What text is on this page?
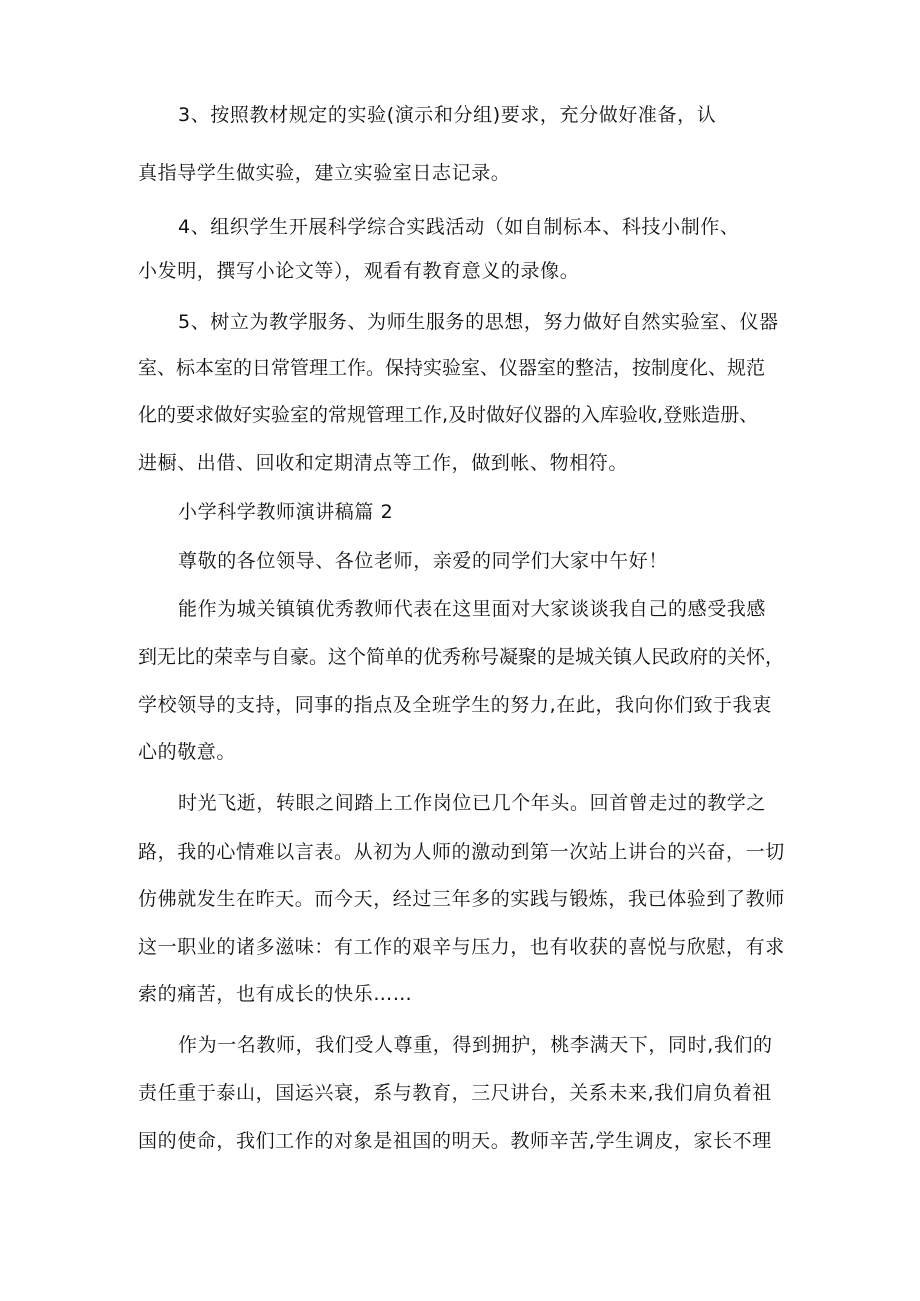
3、按照教材规定的实验(演示和分组)要求，充分做好准备，认
真指导学生做实验，建立实验室日志记录。
4、组织学生开展科学综合实践活动（如自制标本、科技小制作、
小发明，撰写小论文等），观看有教育意义的录像。
5、树立为教学服务、为师生服务的思想，努力做好自然实验室、仪器
室、标本室的日常管理工作。保持实验室、仪器室的整洁，按制度化、规范
化的要求做好实验室的常规管理工作,及时做好仪器的入库验收,登账造册、
进橱、出借、回收和定期清点等工作，做到帐、物相符。
小学科学教师演讲稿篇 2
尊敬的各位领导、各位老师，亲爱的同学们大家中午好！
能作为城关镇镇优秀教师代表在这里面对大家谈谈我自己的感受我感
到无比的荣幸与自豪。这个简单的优秀称号凝聚的是城关镇人民政府的关怀，
学校领导的支持，同事的指点及全班学生的努力,在此，我向你们致于我衷
心的敬意。
时光飞逝，转眼之间踏上工作岗位已几个年头。回首曾走过的教学之
路，我的心情难以言表。从初为人师的激动到第一次站上讲台的兴奋，一切
仿佛就发生在昨天。而今天，经过三年多的实践与锻炼，我已体验到了教师
这一职业的诸多滋味：有工作的艰辛与压力，也有收获的喜悦与欣慰，有求
索的痛苦，也有成长的快乐……
作为一名教师，我们受人尊重，得到拥护，桃李满天下，同时,我们的
责任重于泰山，国运兴衰，系与教育，三尺讲台，关系未来,我们肩负着祖
国的使命，我们工作的对象是祖国的明天。教师辛苦,学生调皮，家长不理
